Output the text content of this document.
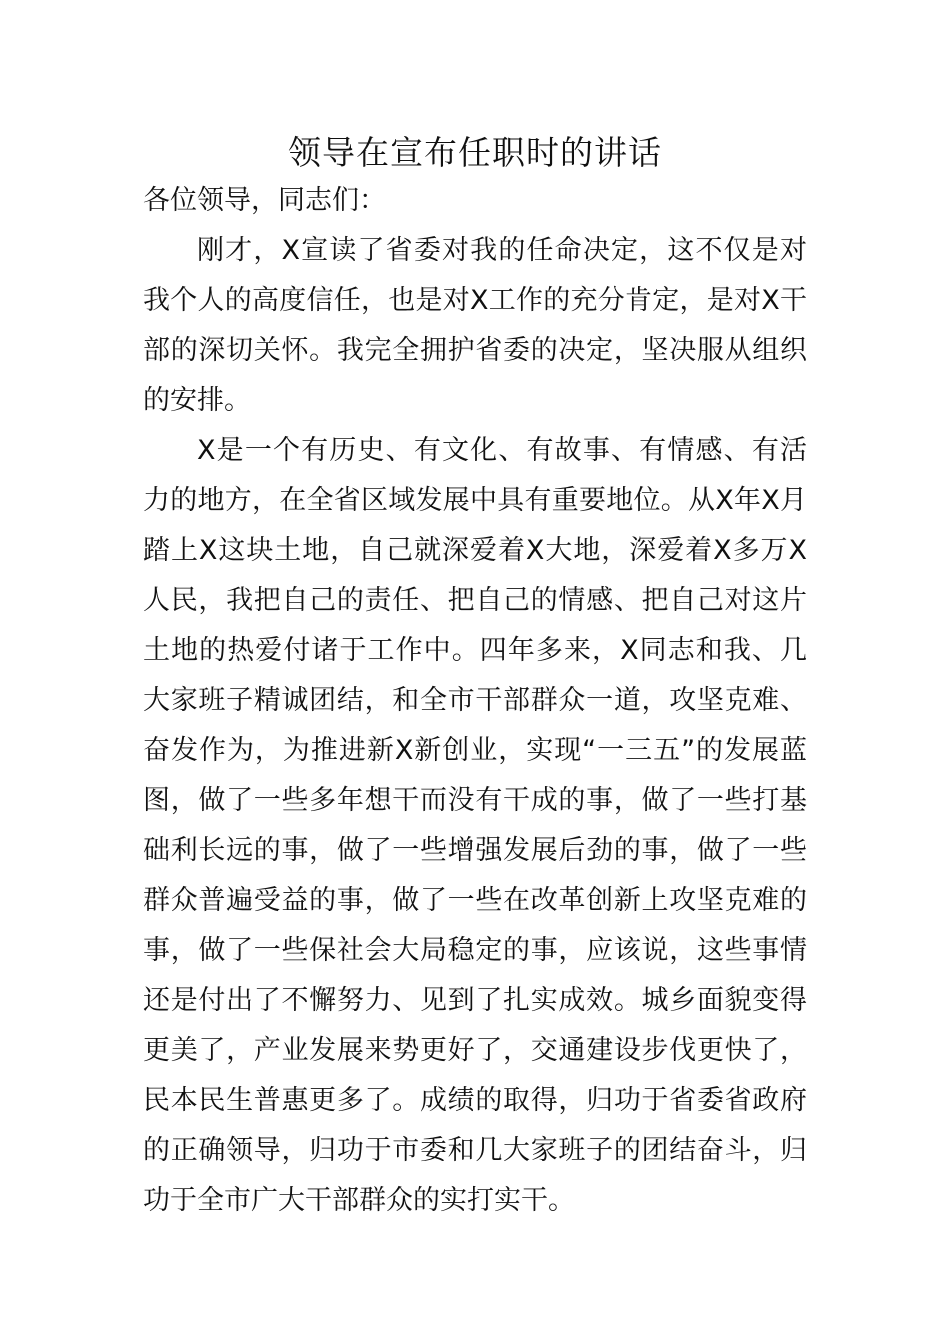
领导在宣布任职时的讲话

各位领导，同志们：

刚才，X宣读了省委对我的任命决定，这不仅是对我个人的高度信任，也是对X工作的充分肯定，是对X干部的深切关怀。我完全拥护省委的决定，坚决服从组织的安排。

X是一个有历史、有文化、有故事、有情感、有活力的地方，在全省区域发展中具有重要地位。从X年X月踏上X这块土地，自己就深爱着X大地，深爱着X多万X人民，我把自己的责任、把自己的情感、把自己对这片土地的热爱付诸于工作中。四年多来，X同志和我、几大家班子精诚团结，和全市干部群众一道，攻坚克难、奋发作为，为推进新X新创业，实现“一三五”的发展蓝图，做了一些多年想干而没有干成的事，做了一些打基础利长远的事，做了一些增强发展后劲的事，做了一些群众普遍受益的事，做了一些在改革创新上攻坚克难的事，做了一些保社会大局稳定的事，应该说，这些事情还是付出了不懈努力、见到了扎实成效。城乡面貌变得更美了，产业发展来势更好了，交通建设步伐更快了，民本民生普惠更多了。成绩的取得，归功于省委省政府的正确领导，归功于市委和几大家班子的团结奋斗，归功于全市广大干部群众的实打实干。
